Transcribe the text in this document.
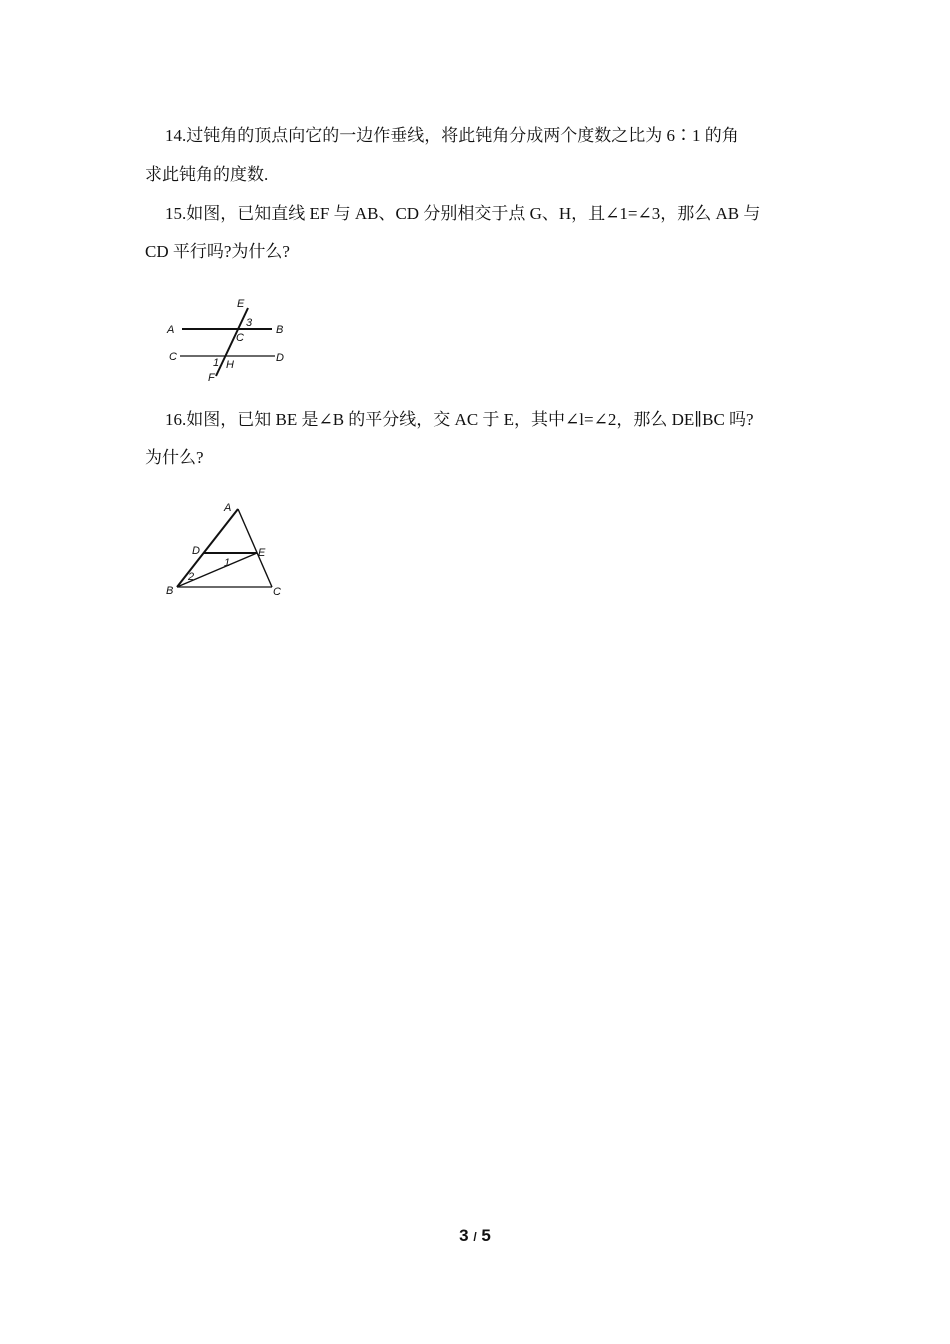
14.过钝角的顶点向它的一边作垂线，将此钝角分成两个度数之比为 6∶1 的角
求此钝角的度数.
15.如图，已知直线 EF 与 AB、CD 分别相交于点 G、H，且∠1=∠3，那么 AB 与
CD 平行吗?为什么?
E
3
A
C
B
C	D
1 H
F
16.如图，已知 BE 是∠B 的平分线，交 AC 于 E，其中∠l=∠2，那么 DE∥BC 吗?
为什么?
A
D	E
1
2
B	C
3 / 5
